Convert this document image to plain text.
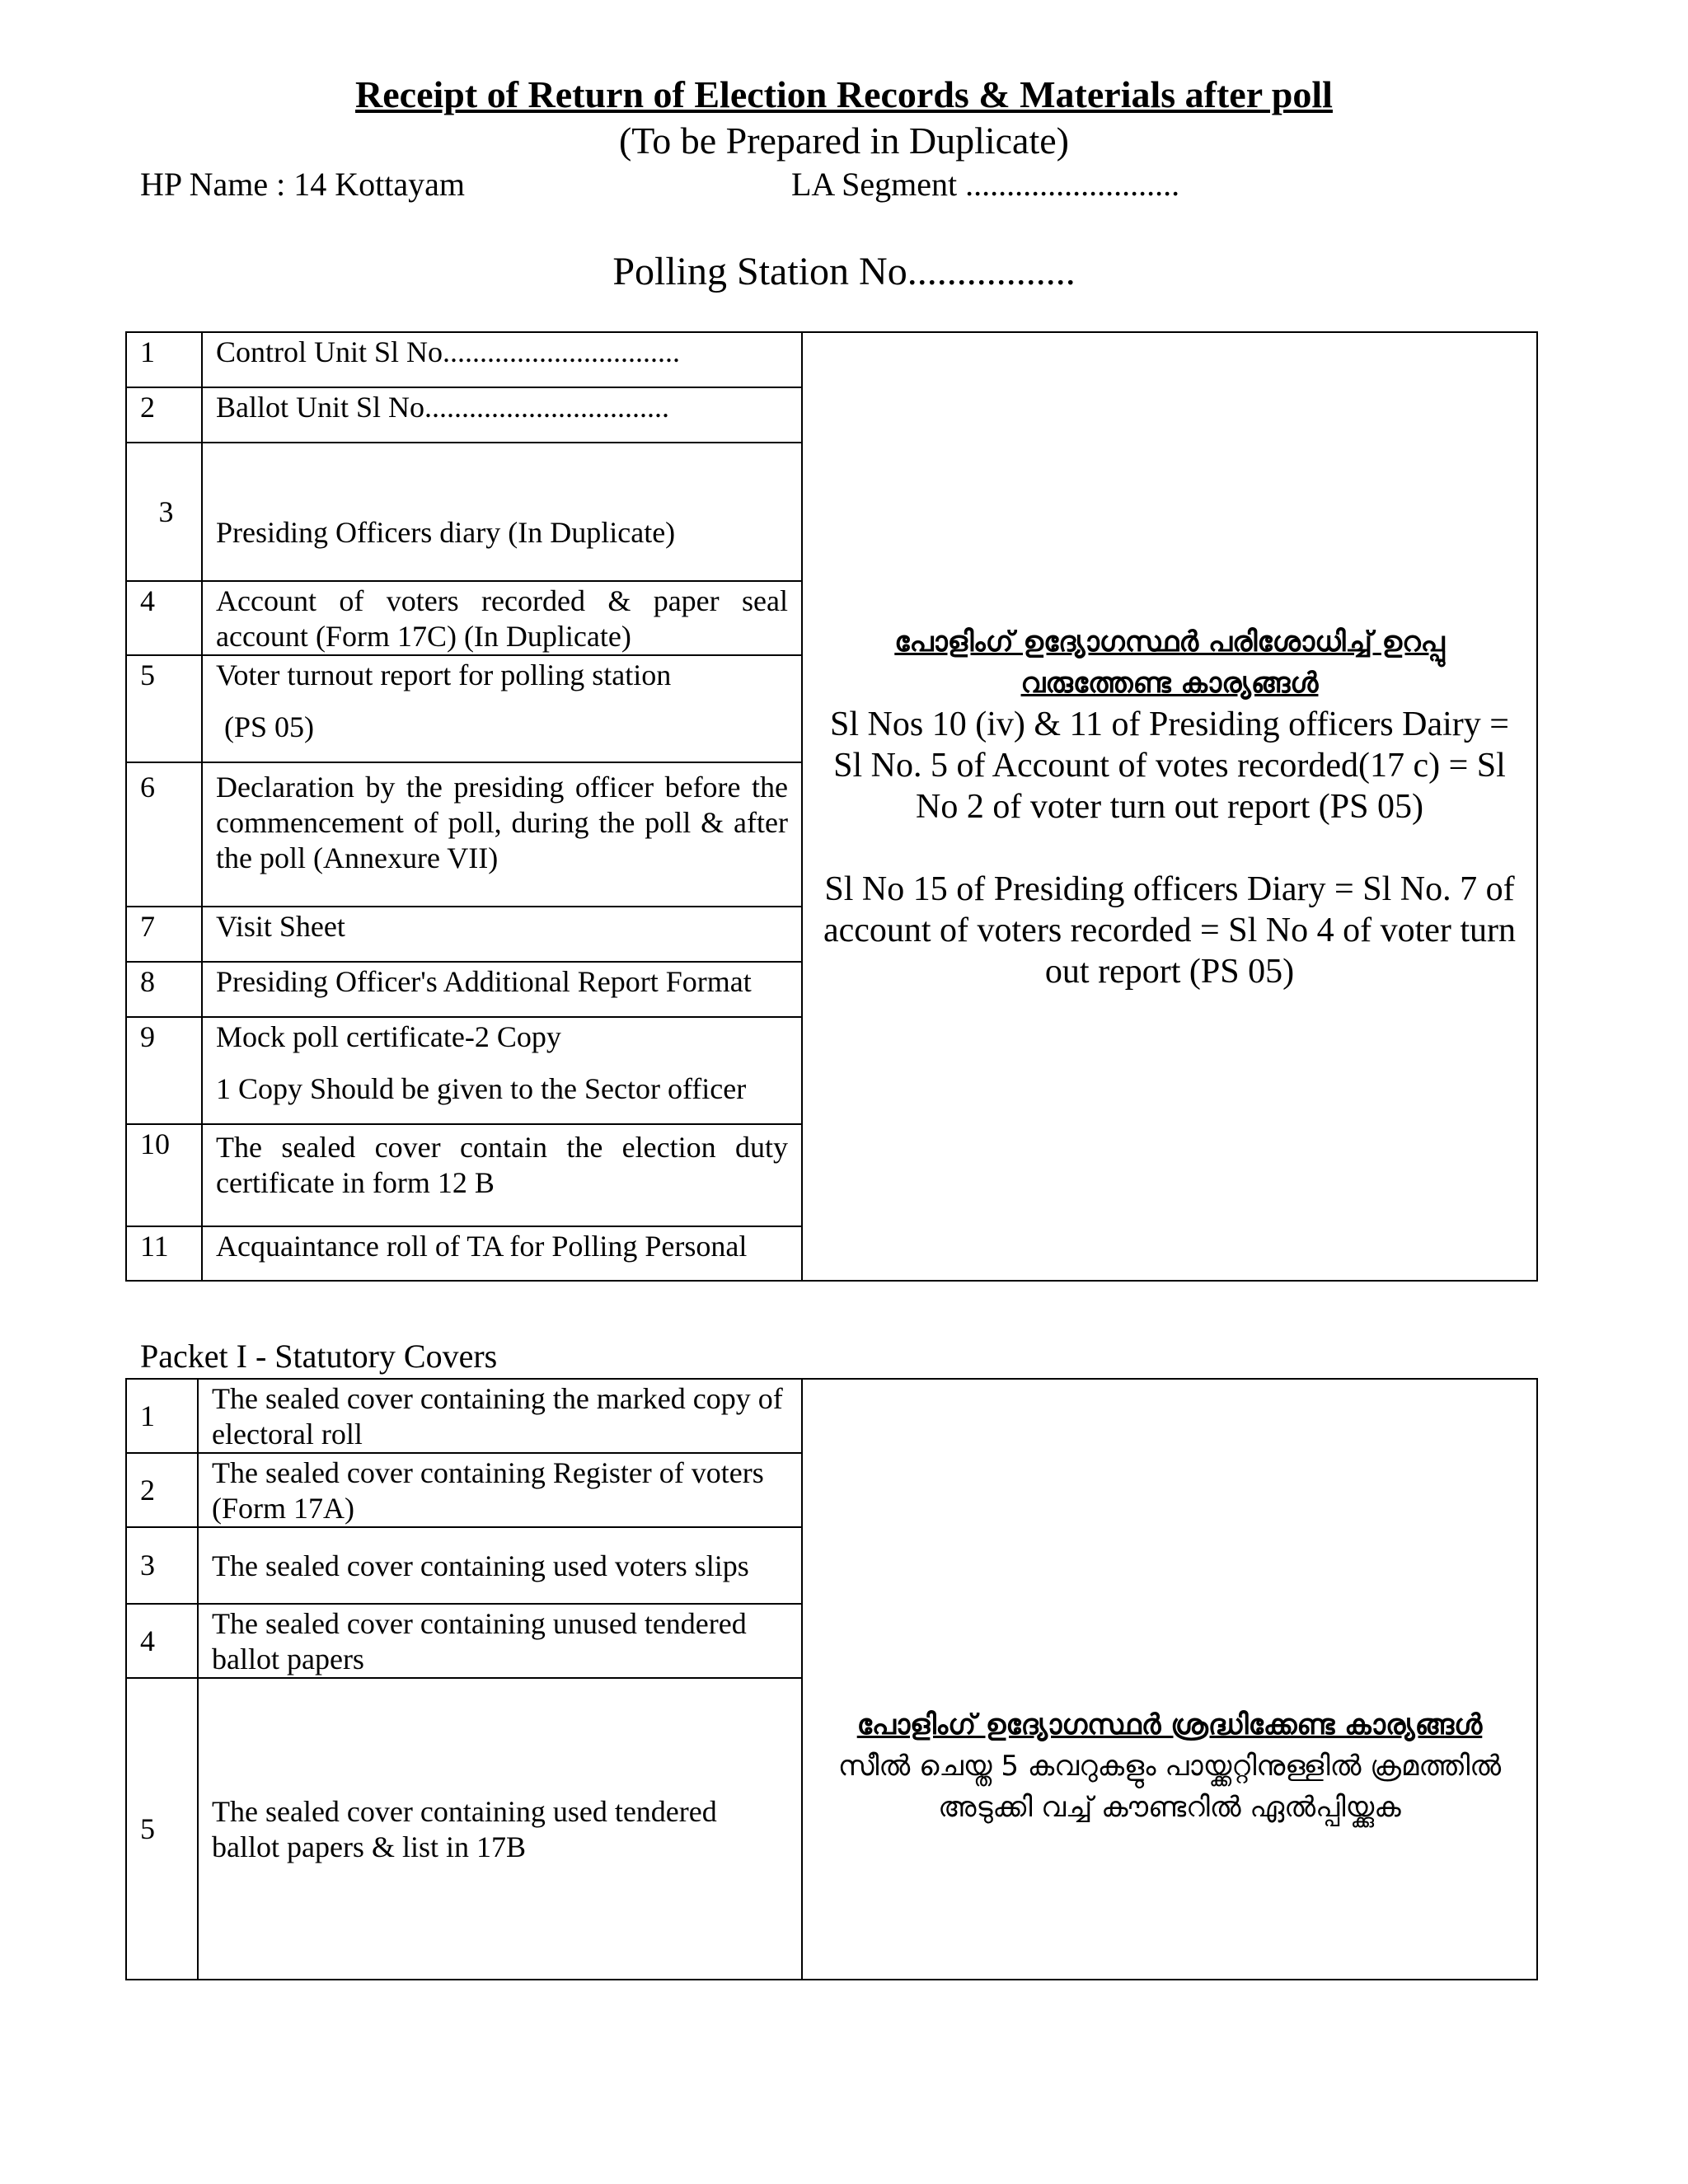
Receipt of Return of Election Records & Materials after poll
(To be Prepared in Duplicate)
HP Name : 14 Kottayam	LA Segment ..........................
Polling Station No.................
1	Control Unit Sl No................................	പോളിംഗ് ഉദ്യോഗസ്ഥർ പരിശോധിച്ച് ഉറപ്പു വരുത്തേണ്ട കാര്യങ്ങൾ
Sl Nos 10 (iv) & 11 of Presiding officers Dairy = Sl No. 5 of Account of votes recorded(17 c) = Sl No 2 of voter turn out report (PS 05)
Sl No 15 of Presiding officers Diary = Sl No. 7 of account of voters recorded = Sl No 4 of voter turn out report (PS 05)

2	Ballot Unit Sl No.................................	
3	Presiding Officers diary (In Duplicate)	
4	Account of voters recorded & paper seal account (Form 17C) (In Duplicate)	
5	Voter turnout report for polling station
(PS 05)	

6	Declaration by the presiding officer before the commencement of poll, during the poll & after the poll (Annexure VII)	
7	Visit Sheet	
8	Presiding Officer's Additional Report Format	
9	Mock poll certificate-2 Copy
1 Copy Should be given to the Sector officer	

10	The sealed cover contain the election duty certificate in form 12 B	
11	Acquaintance roll of TA for Polling Personal	
Packet I - Statutory Covers
1	The sealed cover containing the marked copy of electoral roll	പോളിംഗ് ഉദ്യോഗസ്ഥർ ശ്രദ്ധിക്കേണ്ട കാര്യങ്ങൾ
സീൽ ചെയ്ത 5 കവറുകളും പായ്ക്കറ്റിനുള്ളിൽ ക്രമത്തിൽ അടുക്കി വച്ച് കൗണ്ടറിൽ ഏൽപ്പിയ്ക്കുക

2	The sealed cover containing Register of voters (Form 17A)	
3	The sealed cover containing used voters slips	
4	The sealed cover containing unused tendered ballot papers	
5	The sealed cover containing used tendered ballot papers & list in 17B	
